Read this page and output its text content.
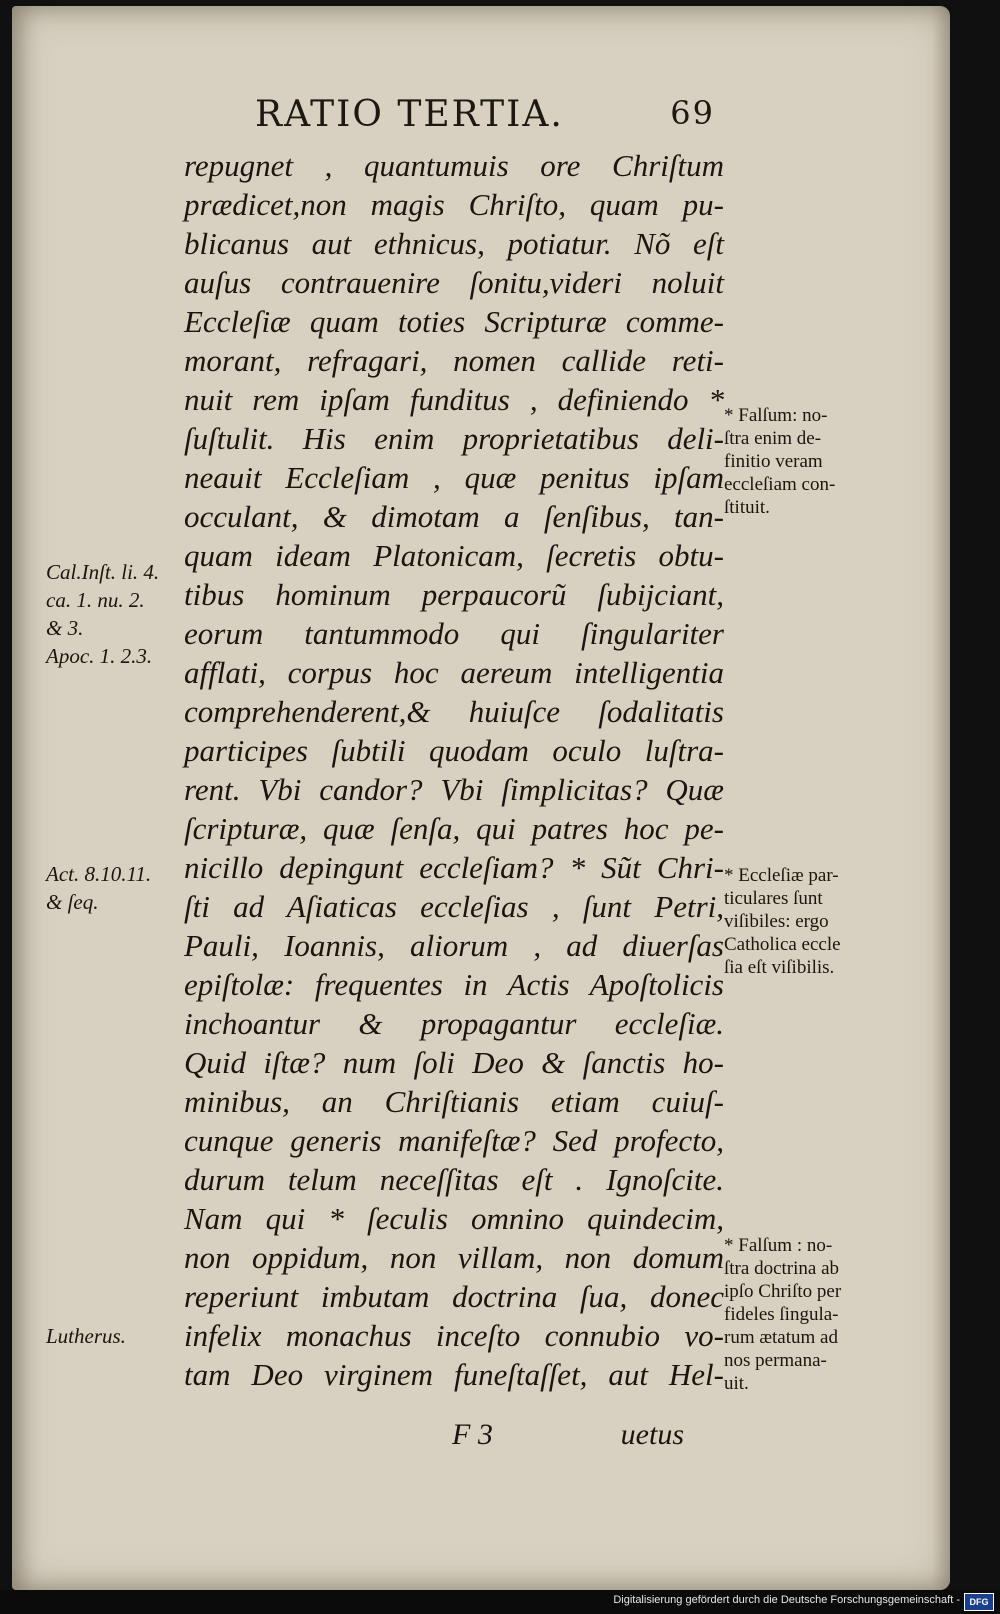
RATIO TERTIA.	69
repugnet , quantumuis ore Chriſtum
prædicet,non magis Chriſto, quam pu-
blicanus aut ethnicus, potiatur. Nõ eſt
auſus contrauenire ſonitu,videri noluit
Eccleſiæ quam toties Scripturæ comme-
morant, refragari, nomen callide reti-
nuit rem ipſam funditus , definiendo *
ſuſtulit. His enim proprietatibus deli-
neauit Eccleſiam , quæ penitus ipſam
occulant, & dimotam a ſenſibus, tan-
quam ideam Platonicam, ſecretis obtu-
tibus hominum perpaucorũ ſubijciant,
eorum tantummodo qui ſingulariter
afflati, corpus hoc aereum intelligentia
comprehenderent,& huiuſce ſodalitatis
participes ſubtili quodam oculo luſtra-
rent. Vbi candor? Vbi ſimplicitas? Quæ
ſcripturæ, quæ ſenſa, qui patres hoc pe-
nicillo depingunt eccleſiam? * Sũt Chri-
ſti ad Aſiaticas eccleſias , ſunt Petri,
Pauli, Ioannis, aliorum , ad diuerſas
epiſtolæ: frequentes in Actis Apoſtolicis
inchoantur & propagantur eccleſiæ.
Quid iſtæ? num ſoli Deo & ſanctis ho-
minibus, an Chriſtianis etiam cuiuſ-
cunque generis manifeſtæ? Sed profecto,
durum telum neceſſitas eſt . Ignoſcite.
Nam qui * ſeculis omnino quindecim,
non oppidum, non villam, non domum
reperiunt imbutam doctrina ſua, donec
infelix monachus inceſto connubio vo-
tam Deo virginem funeſtaſſet, aut Hel-
Cal.Inſt. li. 4.
ca. 1. nu. 2.
& 3.
Apoc. 1. 2.3.
Act. 8.10.11.
& ſeq.
Lutherus.
* Falſum: no-
ſtra enim de-
finitio veram
eccleſiam con-
ſtituit.
* Eccleſiæ par-
ticulares ſunt
viſibiles: ergo
Catholica eccle
ſia eſt viſibilis.
* Falſum : no-
ſtra doctrina ab
ipſo Chriſto per
fideles ſingula-
rum ætatum ad
nos permana-
uit.
F 3	uetus
Digitalisierung gefördert durch die Deutsche Forschungsgemeinschaft -	DFG
